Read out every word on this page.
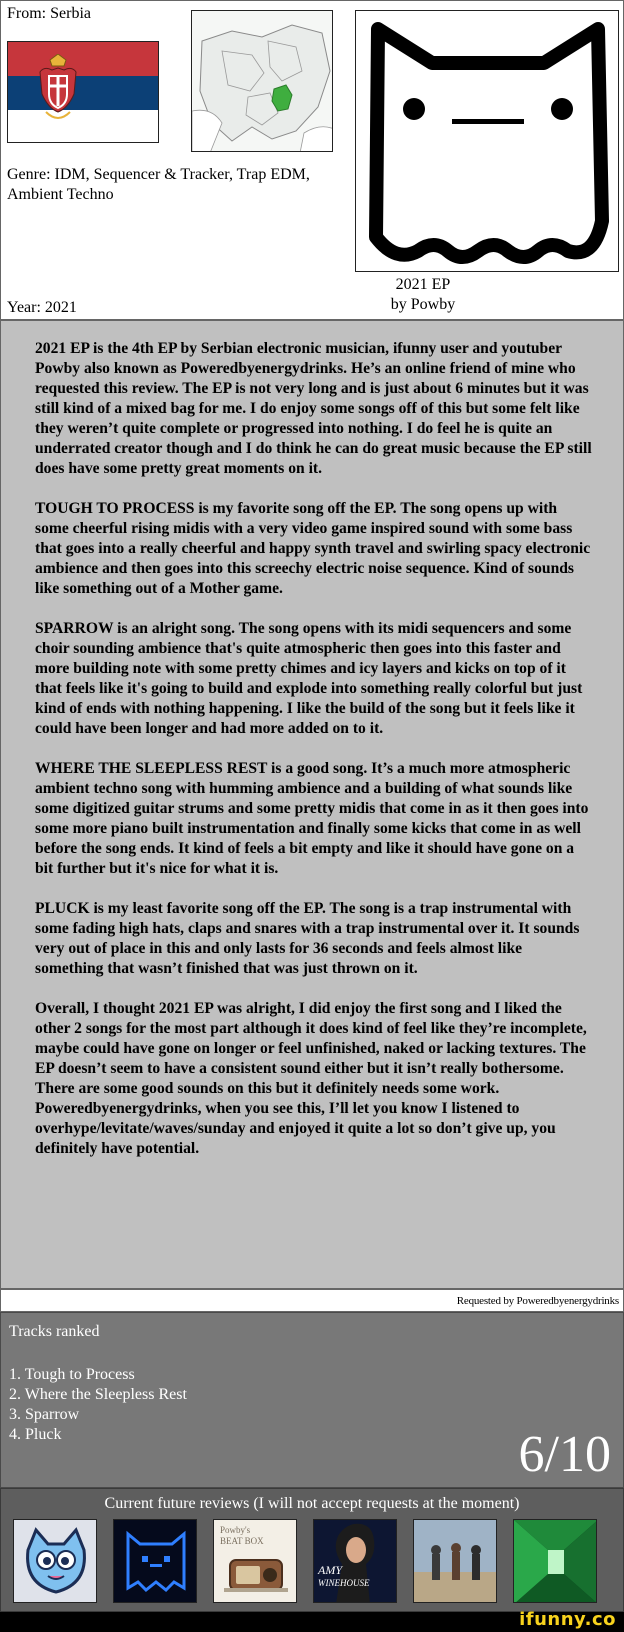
From: Serbia
Genre: IDM, Sequencer & Tracker, Trap EDM, Ambient Techno
Year: 2021
2021 EP
by Powby

2021 EP is the 4th EP by Serbian electronic musician, ifunny user and youtuber Powby also known as Poweredbyenergydrinks. He’s an online friend of mine who requested this review. The EP is not very long and is just about 6 minutes but it was still kind of a mixed bag for me. I do enjoy some songs off of this but some felt like they weren’t quite complete or progressed into nothing. I do feel he is quite an underrated creator though and I do think he can do great music because the EP still does have some pretty great moments on it.

TOUGH TO PROCESS is my favorite song off the EP. The song opens up with some cheerful rising midis with a very video game inspired sound with some bass that goes into a really cheerful and happy synth travel and swirling spacy electronic ambience and then goes into this screechy electric noise sequence. Kind of sounds like something out of a Mother game.

SPARROW is an alright song. The song opens with its midi sequencers and some choir sounding ambience that's quite atmospheric then goes into this faster and more building note with some pretty chimes and icy layers and kicks on top of it that feels like it's going to build and explode into something really colorful but just kind of ends with nothing happening. I like the build of the song but it feels like it could have been longer and had more added on to it.

WHERE THE SLEEPLESS REST is a good song. It’s a much more atmospheric ambient techno song with humming ambience and a building of what sounds like some digitized guitar strums and some pretty midis that come in as it then goes into some more piano built instrumentation and finally some kicks that come in as well before the song ends. It kind of feels a bit empty and like it should have gone on a bit further but it's nice for what it is.

PLUCK is my least favorite song off the EP. The song is a trap instrumental with some fading high hats, claps and snares with a trap instrumental over it. It sounds very out of place in this and only lasts for 36 seconds and feels almost like something that wasn’t finished that was just thrown on it.

Overall, I thought 2021 EP was alright, I did enjoy the first song and I liked the other 2 songs for the most part although it does kind of feel like they’re incomplete, maybe could have gone on longer or feel unfinished, naked or lacking textures. The EP doesn’t seem to have a consistent sound either but it isn’t really bothersome. There are some good sounds on this but it definitely needs some work. Poweredbyenergydrinks, when you see this, I’ll let you know I listened to overhype/levitate/waves/sunday and enjoyed it quite a lot so don’t give up, you definitely have potential.

Requested by Poweredbyenergydrinks
Tracks ranked
1. Tough to Process
2. Where the Sleepless Rest
3. Sparrow
4. Pluck	6/10
Current future reviews (I will not accept requests at the moment)
Powby's
BEAT BOX
AMY
WINEHOUSE
ifunny.co
